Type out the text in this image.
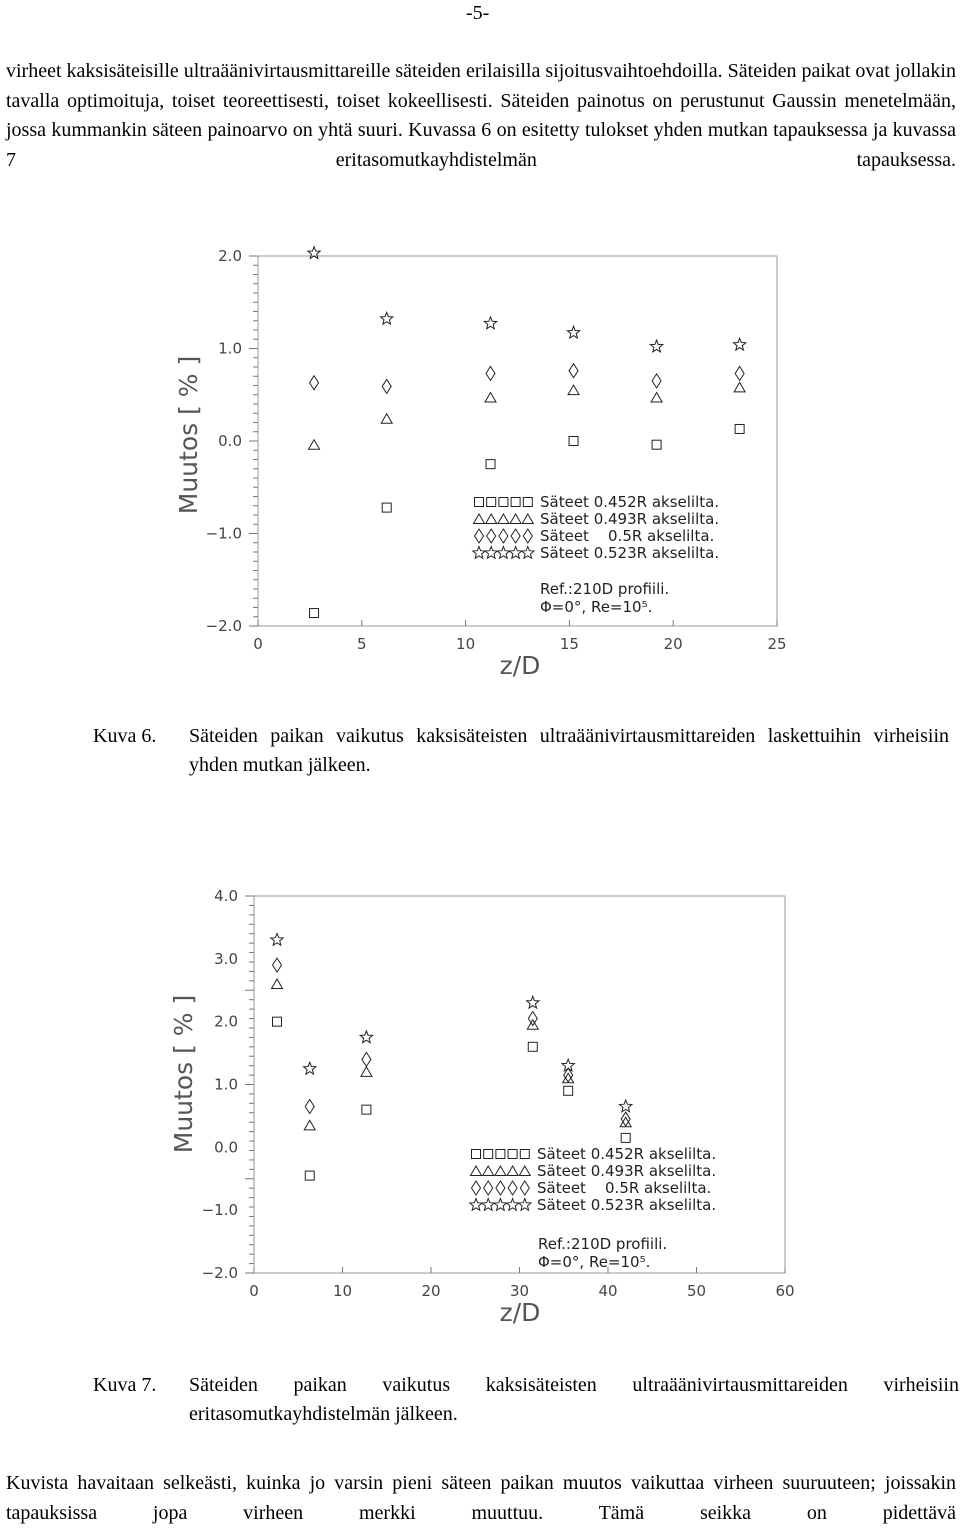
-5-

virheet kaksisäteisille ultraäänivirtausmittareille säteiden erilaisilla sijoitusvaihtoehdoilla. Säteiden paikat ovat jollakin tavalla optimoituja, toiset teoreettisesti, toiset kokeellisesti. Säteiden painotus on perustunut Gaussin menetelmään, jossa kummankin säteen painoarvo on yhtä suuri. Kuvassa 6 on esitetty tulokset yhden mutkan tapauksessa ja kuvassa 7 eritasomutkayhdistelmän tapauksessa.

2.0
1.0
0.0
−1.0
−2.0
0	5	10	15	20	25
Muutos [ % ]
z/D
Säteet 0.452R akselilta.
Säteet 0.493R akselilta.
Säteet    0.5R akselilta.
Säteet 0.523R akselilta.
Ref.:210D profiili.
Φ=0°, Re=10⁵.
Kuva 6. Säteiden paikan vaikutus kaksisäteisten ultraäänivirtausmittareiden laskettuihin virheisiin yhden mutkan jälkeen.
4.0
3.0
2.0
1.0
0.0
−1.0
−2.0
0	10	20	30	40	50	60
Muutos [ % ]
z/D
Säteet 0.452R akselilta.
Säteet 0.493R akselilta.
Säteet    0.5R akselilta.
Säteet 0.523R akselilta.
Ref.:210D profiili.
Φ=0°, Re=10⁵.
Kuva 7. Säteiden paikan vaikutus kaksisäteisten ultraäänivirtausmittareiden virheisiin eritasomutkayhdistelmän jälkeen.

Kuvista havaitaan selkeästi, kuinka jo varsin pieni säteen paikan muutos vaikuttaa virheen suuruuteen; joissakin tapauksissa jopa virheen merkki muuttuu. Tämä seikka on pidettävä
